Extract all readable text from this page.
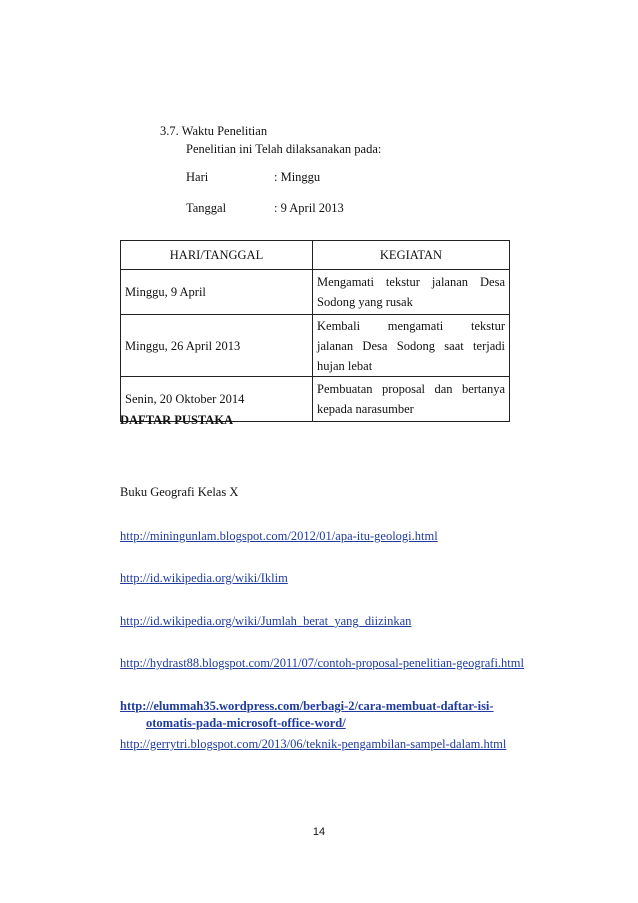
3.7. Waktu Penelitian
Penelitian ini Telah dilaksanakan pada:
Hari	: Minggu
Tanggal	: 9 April 2013
HARI/TANGGAL	KEGIATAN
Minggu, 9 April	Mengamati tekstur jalanan Desa

Sodong yang rusak

Minggu, 26 April 2013	Kembali mengamati tekstur
jalanan Desa Sodong saat terjadi

hujan lebat

Senin, 20 Oktober 2014	Pembuatan proposal dan bertanya

kepada narasumber
DAFTAR PUSTAKA
Buku Geografi Kelas X
http://miningunlam.blogspot.com/2012/01/apa-itu-geologi.html
http://id.wikipedia.org/wiki/Iklim
http://id.wikipedia.org/wiki/Jumlah_berat_yang_diizinkan
http://hydrast88.blogspot.com/2011/07/contoh-proposal-penelitian-geografi.html
http://elummah35.wordpress.com/berbagi-2/cara-membuat-daftar-isi-
otomatis-pada-microsoft-office-word/
http://gerrytri.blogspot.com/2013/06/teknik-pengambilan-sampel-dalam.html
14
